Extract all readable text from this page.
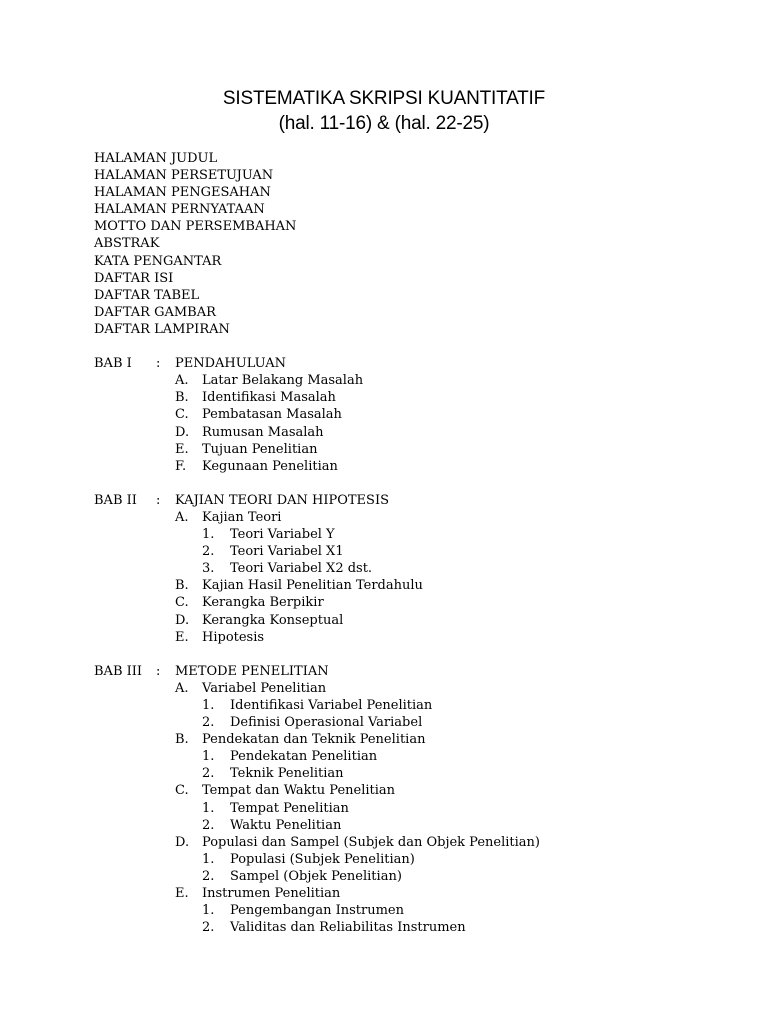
SISTEMATIKA SKRIPSI KUANTITATIF
(hal. 11-16) & (hal. 22-25)
HALAMAN JUDUL
HALAMAN PERSETUJUAN
HALAMAN PENGESAHAN
HALAMAN PERNYATAAN
MOTTO DAN PERSEMBAHAN
ABSTRAK
KATA PENGANTAR
DAFTAR ISI
DAFTAR TABEL
DAFTAR GAMBAR
DAFTAR LAMPIRAN
BAB I : PENDAHULUAN
A. Latar Belakang Masalah
B. Identifikasi Masalah
C. Pembatasan Masalah
D. Rumusan Masalah
E. Tujuan Penelitian
F. Kegunaan Penelitian
BAB II : KAJIAN TEORI DAN HIPOTESIS
A. Kajian Teori
1. Teori Variabel Y
2. Teori Variabel X1
3. Teori Variabel X2 dst.
B. Kajian Hasil Penelitian Terdahulu
C. Kerangka Berpikir
D. Kerangka Konseptual
E. Hipotesis
BAB III : METODE PENELITIAN
A. Variabel Penelitian
1. Identifikasi Variabel Penelitian
2. Definisi Operasional Variabel
B. Pendekatan dan Teknik Penelitian
1. Pendekatan Penelitian
2. Teknik Penelitian
C. Tempat dan Waktu Penelitian
1. Tempat Penelitian
2. Waktu Penelitian
D. Populasi dan Sampel (Subjek dan Objek Penelitian)
1. Populasi (Subjek Penelitian)
2. Sampel (Objek Penelitian)
E. Instrumen Penelitian
1. Pengembangan Instrumen
2. Validitas dan Reliabilitas Instrumen
